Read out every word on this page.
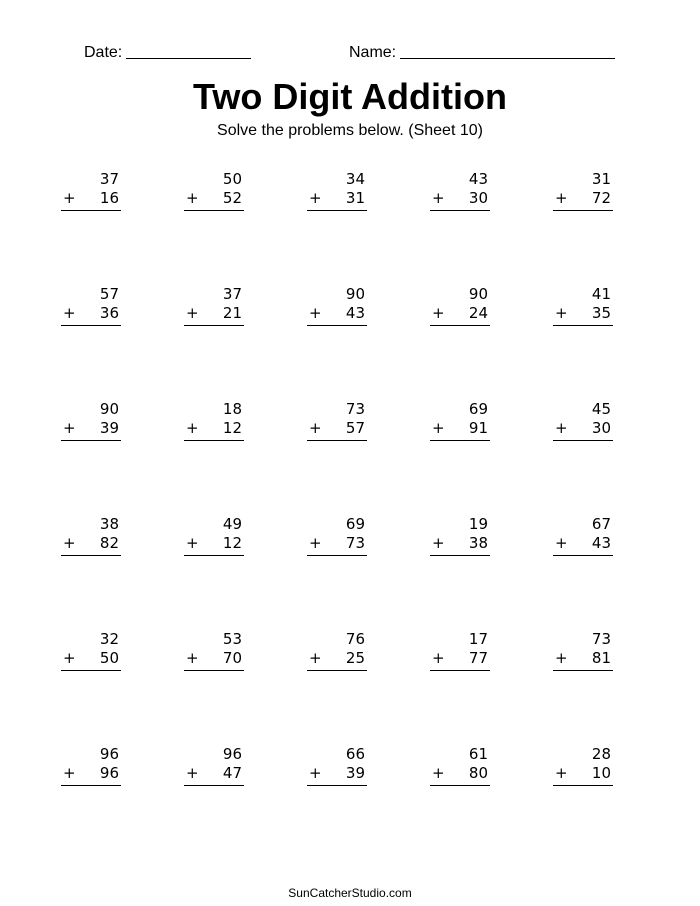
Date:	Name:
Two Digit Addition
Solve the problems below. (Sheet 10)
37
+ 16
50
+ 52
34
+ 31
43
+ 30
31
+ 72
57
+ 36
37
+ 21
90
+ 43
90
+ 24
41
+ 35
90
+ 39
18
+ 12
73
+ 57
69
+ 91
45
+ 30
38
+ 82
49
+ 12
69
+ 73
19
+ 38
67
+ 43
32
+ 50
53
+ 70
76
+ 25
17
+ 77
73
+ 81
96
+ 96
96
+ 47
66
+ 39
61
+ 80
28
+ 10
SunCatcherStudio.com
